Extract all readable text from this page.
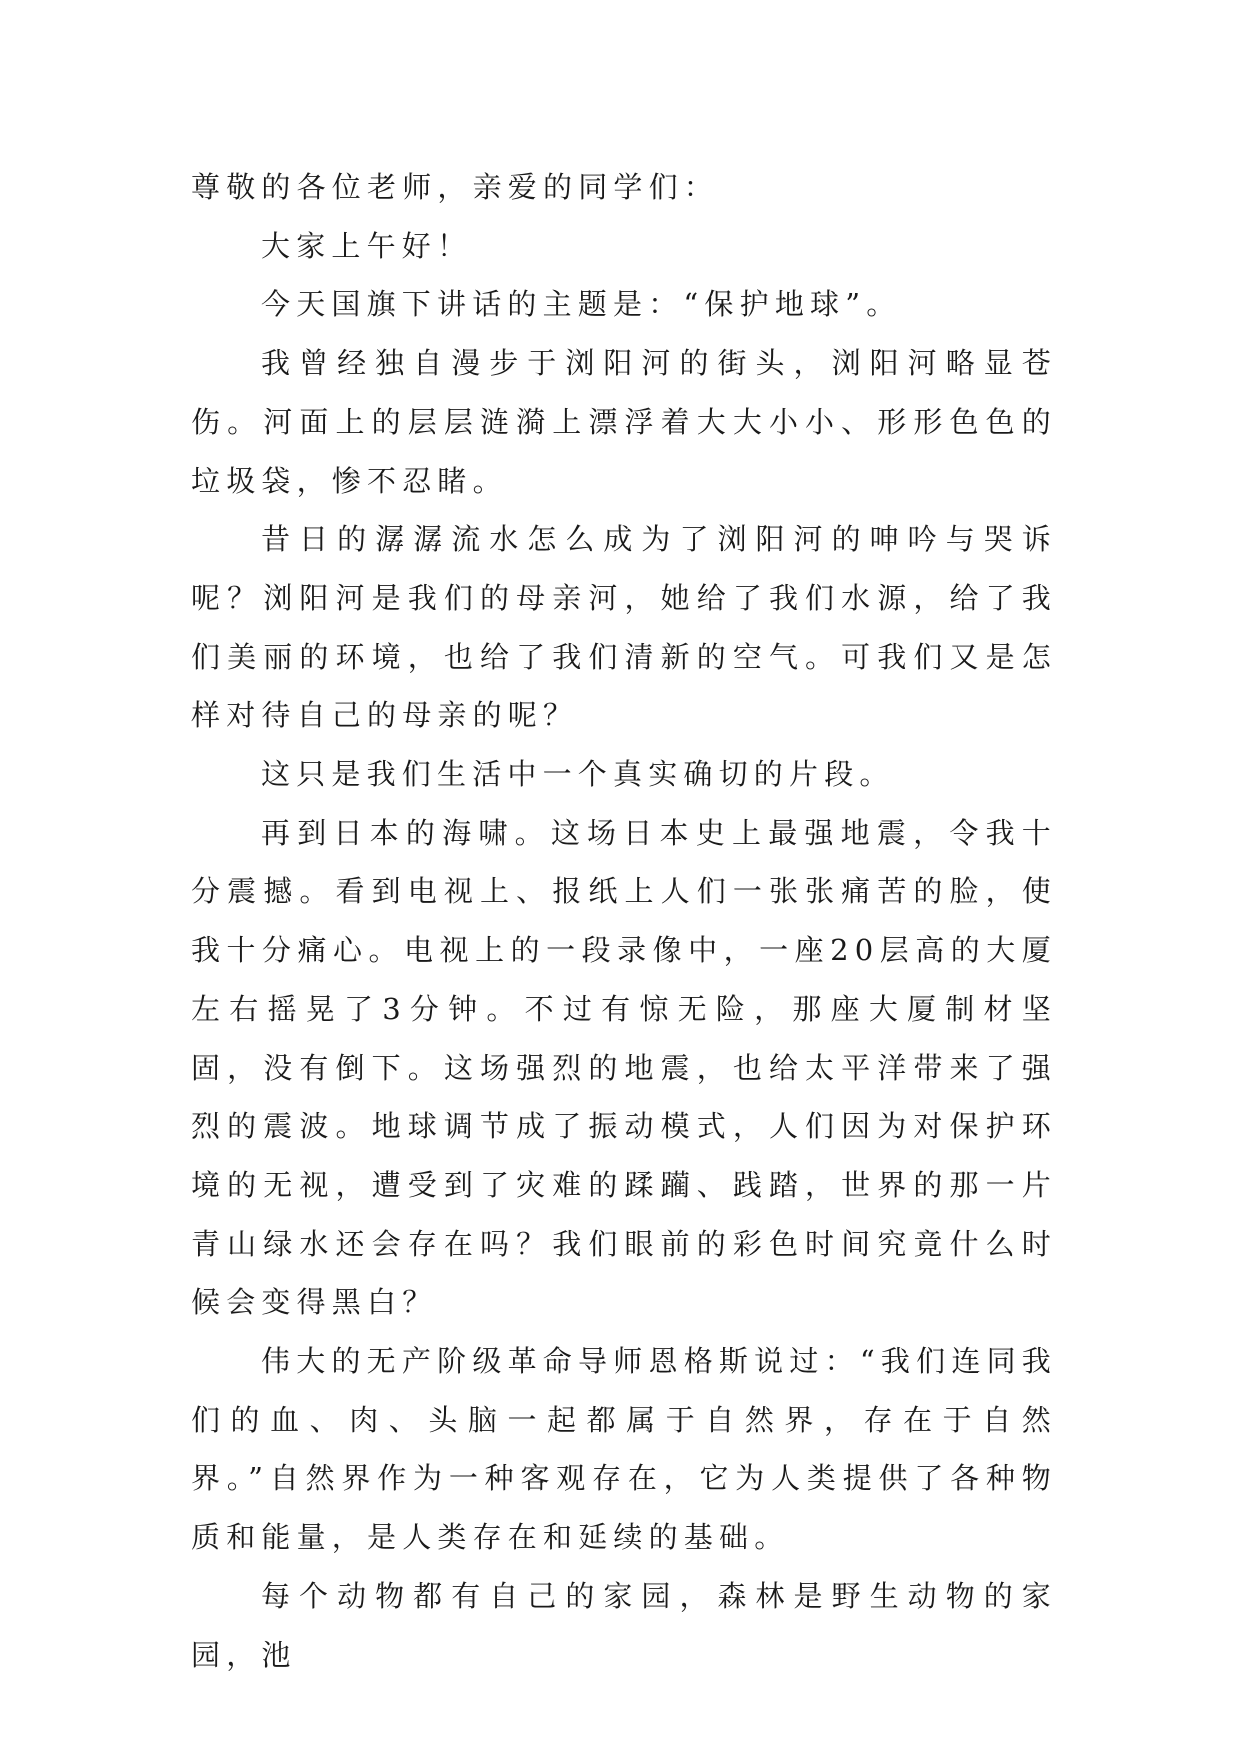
尊敬的各位老师，亲爱的同学们：

大家上午好！

今天国旗下讲话的主题是：“保护地球”。

我曾经独自漫步于浏阳河的街头，浏阳河略显苍伤。河面上的层层涟漪上漂浮着大大小小、形形色色的垃圾袋，惨不忍睹。

昔日的潺潺流水怎么成为了浏阳河的呻吟与哭诉呢？浏阳河是我们的母亲河，她给了我们水源，给了我们美丽的环境，也给了我们清新的空气。可我们又是怎样对待自己的母亲的呢？

这只是我们生活中一个真实确切的片段。

再到日本的海啸。这场日本史上最强地震，令我十分震撼。看到电视上、报纸上人们一张张痛苦的脸，使我十分痛心。电视上的一段录像中，一座20层高的大厦左右摇晃了3分钟。不过有惊无险，那座大厦制材坚固，没有倒下。这场强烈的地震，也给太平洋带来了强烈的震波。地球调节成了振动模式，人们因为对保护环境的无视，遭受到了灾难的蹂躏、践踏，世界的那一片青山绿水还会存在吗？我们眼前的彩色时间究竟什么时候会变得黑白？

伟大的无产阶级革命导师恩格斯说过：“我们连同我们的血、肉、头脑一起都属于自然界，存在于自然界。”自然界作为一种客观存在，它为人类提供了各种物质和能量，是人类存在和延续的基础。

每个动物都有自己的家园，森林是野生动物的家园，池
